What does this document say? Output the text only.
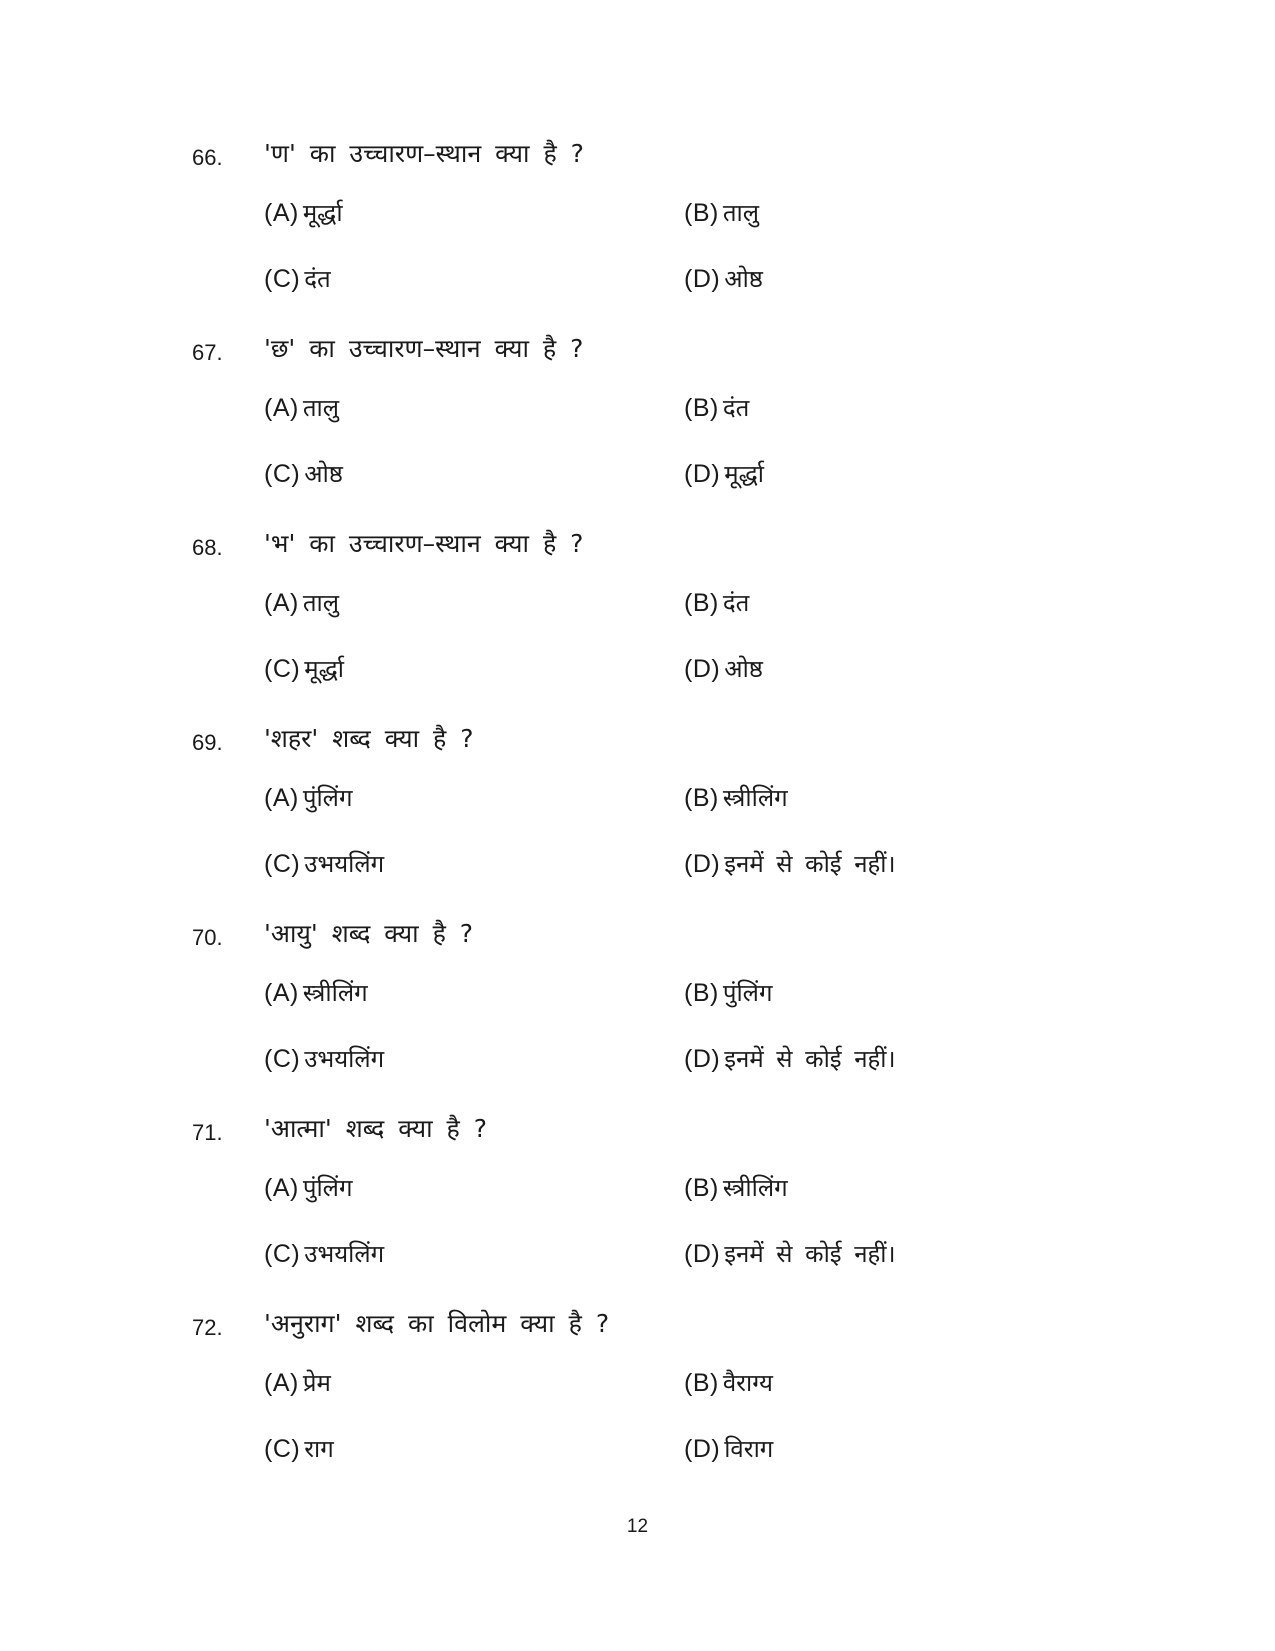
66. 'ण' का उच्चारण–स्थान क्या है ?
(A) मूर्द्धा	(B) तालु
(C) दंत	(D) ओष्ठ
67. 'छ' का उच्चारण–स्थान क्या है ?
(A) तालु	(B) दंत
(C) ओष्ठ	(D) मूर्द्धा
68. 'भ' का उच्चारण–स्थान क्या है ?
(A) तालु	(B) दंत
(C) मूर्द्धा	(D) ओष्ठ
69. 'शहर' शब्द क्या है ?
(A) पुंलिंग	(B) स्त्रीलिंग
(C) उभयलिंग	(D) इनमें से कोई नहीं।
70. 'आयु' शब्द क्या है ?
(A) स्त्रीलिंग	(B) पुंलिंग
(C) उभयलिंग	(D) इनमें से कोई नहीं।
71. 'आत्मा' शब्द क्या है ?
(A) पुंलिंग	(B) स्त्रीलिंग
(C) उभयलिंग	(D) इनमें से कोई नहीं।
72. 'अनुराग' शब्द का विलोम क्या है ?
(A) प्रेम	(B) वैराग्य
(C) राग	(D) विराग
12
